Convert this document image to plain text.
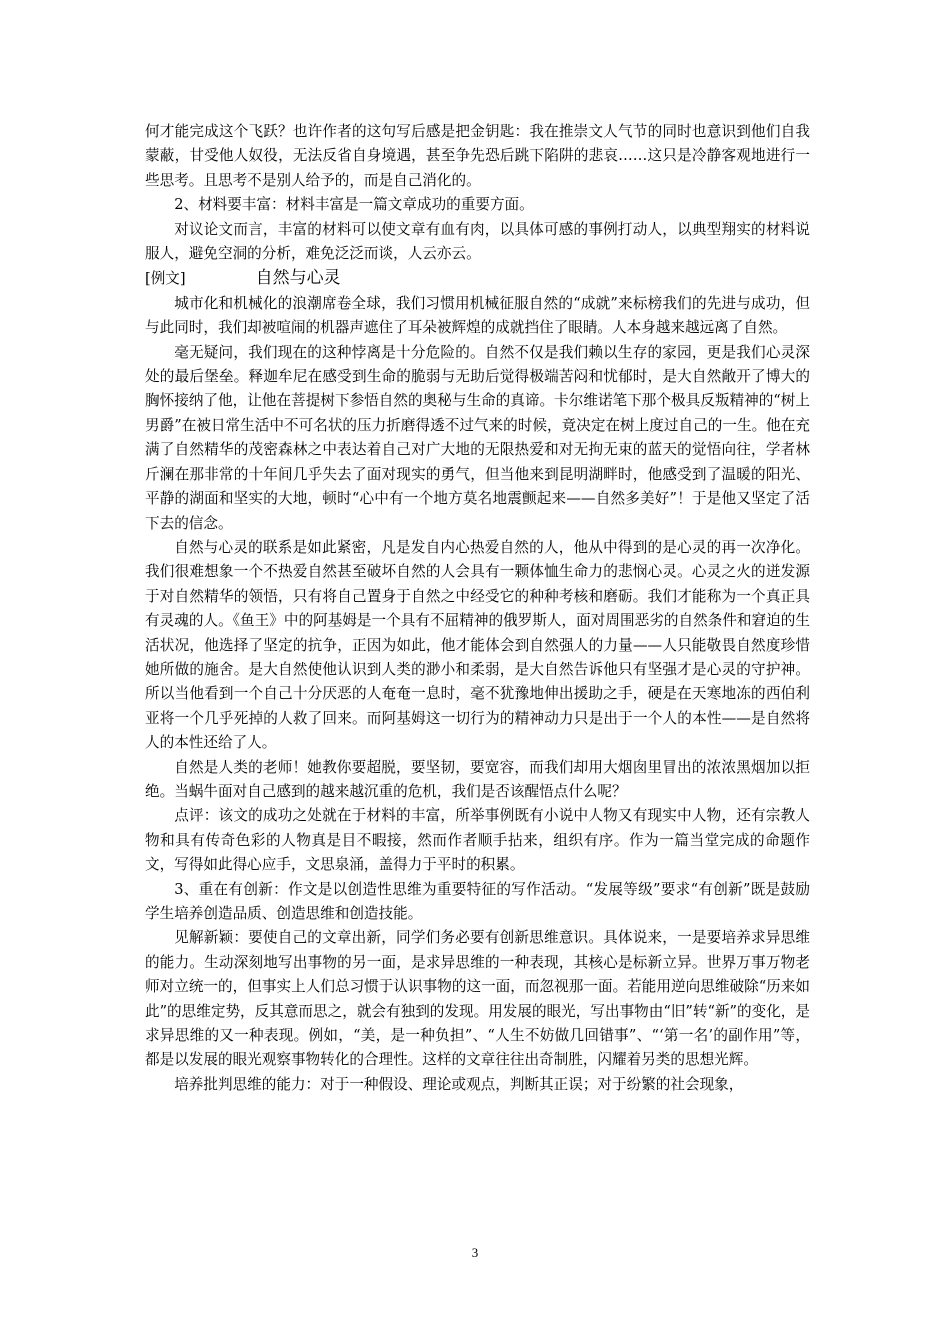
何才能完成这个飞跃？也许作者的这句写后感是把金钥匙：我在推崇文人气节的同时也意识到他们自我蒙蔽，甘受他人奴役，无法反省自身境遇，甚至争先恐后跳下陷阱的悲哀……这只是冷静客观地进行一些思考。且思考不是别人给予的，而是自己消化的。

2、材料要丰富：材料丰富是一篇文章成功的重要方面。

对议论文而言，丰富的材料可以使文章有血有肉，以具体可感的事例打动人，以典型翔实的材料说服人，避免空洞的分析，难免泛泛而谈，人云亦云。

[例文]	自然与心灵

城市化和机械化的浪潮席卷全球，我们习惯用机械征服自然的“成就”来标榜我们的先进与成功，但与此同时，我们却被喧闹的机器声遮住了耳朵被辉煌的成就挡住了眼睛。人本身越来越远离了自然。

毫无疑问，我们现在的这种悖离是十分危险的。自然不仅是我们赖以生存的家园，更是我们心灵深处的最后堡垒。释迦牟尼在感受到生命的脆弱与无助后觉得极端苦闷和忧郁时，是大自然敞开了博大的胸怀接纳了他，让他在菩提树下参悟自然的奥秘与生命的真谛。卡尔维诺笔下那个极具反叛精神的“树上男爵”在被日常生活中不可名状的压力折磨得透不过气来的时候，竟决定在树上度过自己的一生。他在充满了自然精华的茂密森林之中表达着自己对广大地的无限热爱和对无拘无束的蓝天的觉悟向往，学者林斤澜在那非常的十年间几乎失去了面对现实的勇气，但当他来到昆明湖畔时，他感受到了温暖的阳光、平静的湖面和坚实的大地，顿时“心中有一个地方莫名地震颤起来——自然多美好”！于是他又坚定了活下去的信念。

自然与心灵的联系是如此紧密，凡是发自内心热爱自然的人，他从中得到的是心灵的再一次净化。我们很难想象一个不热爱自然甚至破坏自然的人会具有一颗体恤生命力的悲悯心灵。心灵之火的迸发源于对自然精华的领悟，只有将自己置身于自然之中经受它的种种考核和磨砺。我们才能称为一个真正具有灵魂的人。《鱼王》中的阿基姆是一个具有不屈精神的俄罗斯人，面对周围恶劣的自然条件和窘迫的生活状况，他选择了坚定的抗争，正因为如此，他才能体会到自然强人的力量——人只能敬畏自然度珍惜她所做的施舍。是大自然使他认识到人类的渺小和柔弱，是大自然告诉他只有坚强才是心灵的守护神。所以当他看到一个自己十分厌恶的人奄奄一息时，毫不犹豫地伸出援助之手，硬是在天寒地冻的西伯利亚将一个几乎死掉的人救了回来。而阿基姆这一切行为的精神动力只是出于一个人的本性——是自然将人的本性还给了人。

自然是人类的老师！她教你要超脱，要坚韧，要宽容，而我们却用大烟囱里冒出的浓浓黑烟加以拒绝。当蜗牛面对自己感到的越来越沉重的危机，我们是否该醒悟点什么呢？

点评：该文的成功之处就在于材料的丰富，所举事例既有小说中人物又有现实中人物，还有宗教人物和具有传奇色彩的人物真是目不暇接，然而作者顺手拈来，组织有序。作为一篇当堂完成的命题作文，写得如此得心应手，文思泉涌，盖得力于平时的积累。

3、重在有创新：作文是以创造性思维为重要特征的写作活动。“发展等级”要求“有创新”既是鼓励学生培养创造品质、创造思维和创造技能。

见解新颖：要使自己的文章出新，同学们务必要有创新思维意识。具体说来，一是要培养求异思维的能力。生动深刻地写出事物的另一面，是求异思维的一种表现，其核心是标新立异。世界万事万物老师对立统一的，但事实上人们总习惯于认识事物的这一面，而忽视那一面。若能用逆向思维破除“历来如此”的思维定势，反其意而思之，就会有独到的发现。用发展的眼光，写出事物由“旧”转“新”的变化，是求异思维的又一种表现。例如，“美，是一种负担”、“人生不妨做几回错事”、“‘第一名’的副作用”等，都是以发展的眼光观察事物转化的合理性。这样的文章往往出奇制胜，闪耀着另类的思想光辉。

培养批判思维的能力：对于一种假设、理论或观点，判断其正误；对于纷繁的社会现象，

3
